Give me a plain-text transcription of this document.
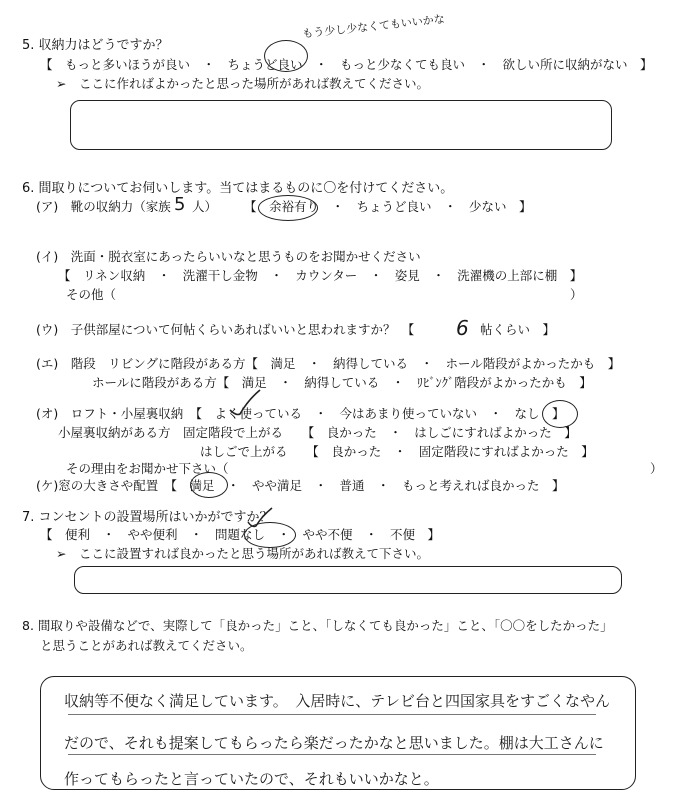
5. 収納力はどうですか？
【　もっと多いほうが良い　・　ちょうど良い　・　もっと少なくても良い　・　欲しい所に収納がない　】
➢　ここに作ればよかったと思った場所があれば教えてください。
もう少し少なくてもいいかな
6. 間取りについてお伺いします。当てはまるものに〇を付けてください。
(ア)　靴の収納力（家族 5 人） 【　余裕有り　・　ちょうど良い　・　少ない　】
(イ)　洗面・脱衣室にあったらいいなと思うものをお聞かせください
【　リネン収納　・　洗濯干し金物　・　カウンター　・　姿見　・　洗濯機の上部に棚　】
その他（	）
(ウ)　子供部屋について何帖くらいあればいいと思われますか？　【 6 帖くらい　】
(エ)　階段　リビングに階段がある方【　満足　・　納得している　・　ホール階段がよかったかも　】
ホールに階段がある方【　満足　・　納得している　・　ﾘﾋﾞﾝｸﾞ階段がよかったかも　】
(オ)　ロフト・小屋裏収納　【　よく使っている　・　今はあまり使っていない　・　なし　】
小屋裏収納がある方　固定階段で上がる　　【　良かった　・　はしごにすればよかった　】
はしごで上がる　　【　良かった　・　固定階段にすればよかった　】
その理由をお聞かせ下さい（	）
(ケ)窓の大きさや配置　【　満足　・　やや満足　・　普通　・　もっと考えれば良かった　】
7. コンセントの設置場所はいかがですか？
【　便利　・　やや便利　・　問題なし　・　やや不便　・　不便　】
➢　ここに設置すれば良かったと思う場所があれば教えて下さい。
8. 間取りや設備などで、実際して「良かった」こと、「しなくても良かった」こと、「〇〇をしたかった」
と思うことがあれば教えてください。
収納等不便なく満足しています。　入居時に、テレビ台と四国家具をすごくなやん
だので、それも提案してもらったら楽だったかなと思いました。棚は大工さんに
作ってもらったと言っていたので、それもいいかなと。
